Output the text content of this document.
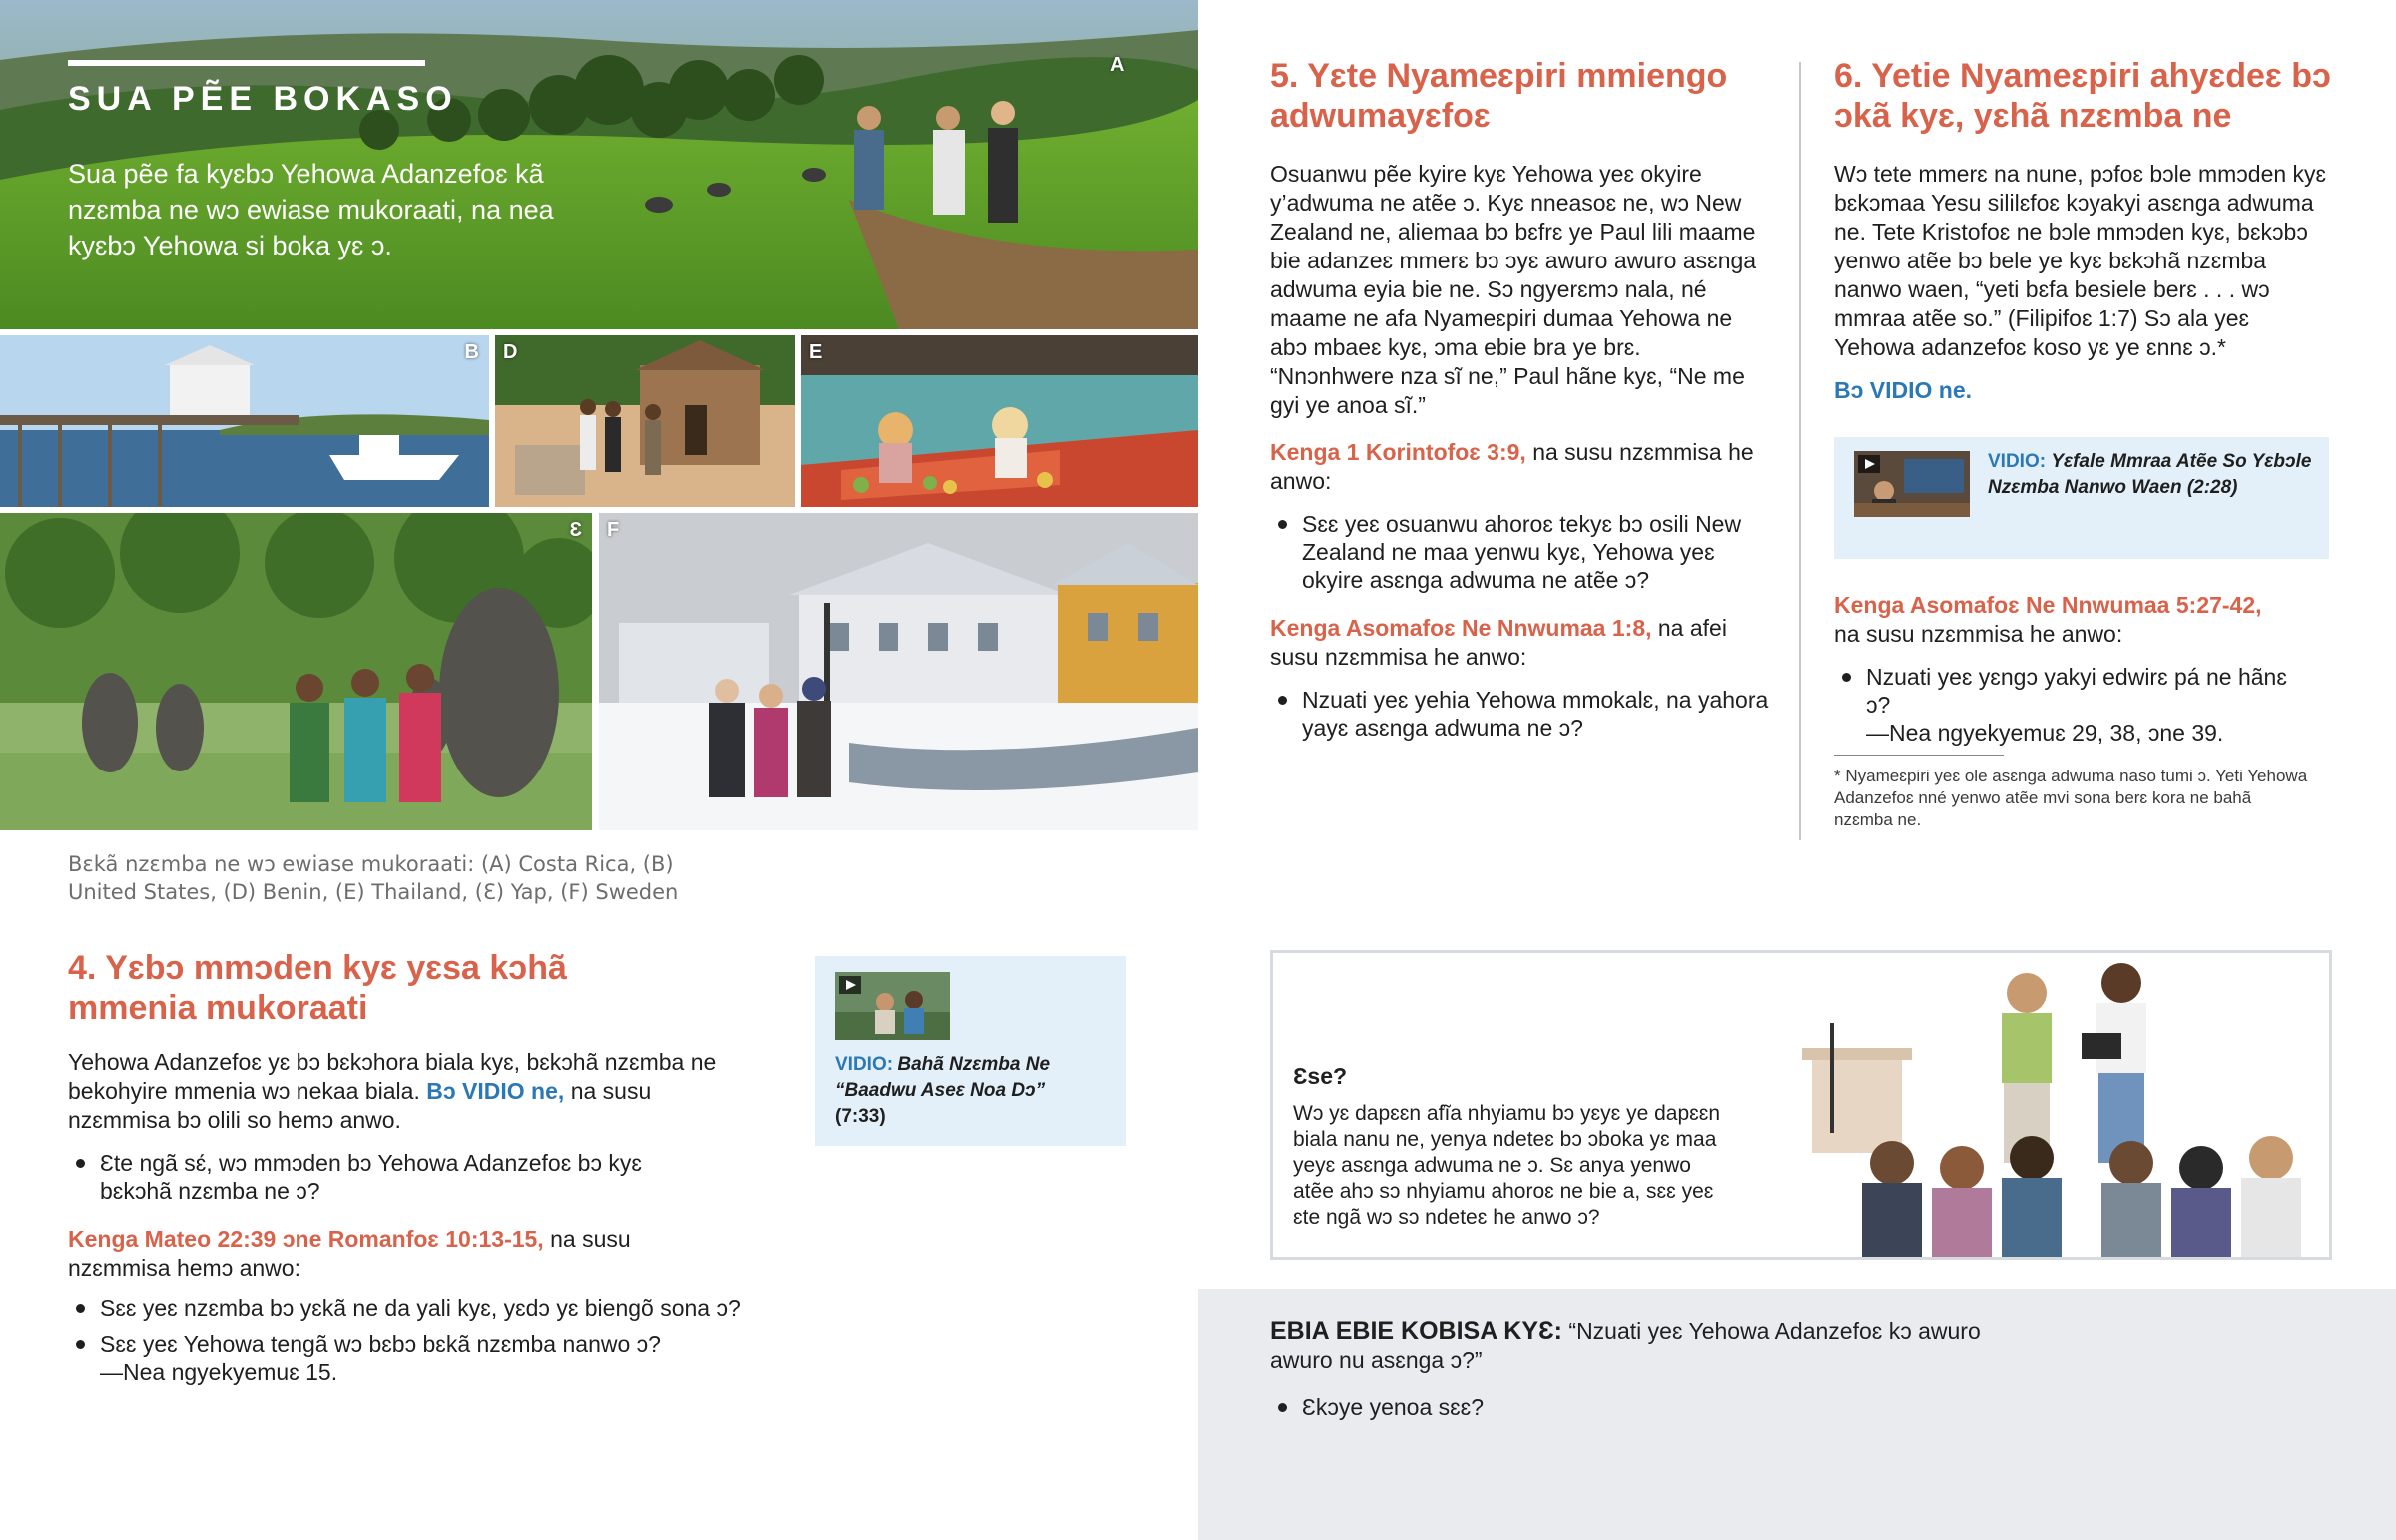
SUA PẼE BOKASO
Sua pẽe fa kyɛbɔ Yehowa Adanzefoɛ kã nzɛmba ne wɔ ewiase mukoraati, na nea kyɛbɔ Yehowa si boka yɛ ɔ.
A
B D	E
Ɛ F
Bɛkã nzɛmba ne wɔ ewiase mukoraati: (A) Costa Rica, (B) United States, (D) Benin, (E) Thailand, (Ɛ) Yap, (F) Sweden
4. Yɛbɔ mmɔden kyɛ yɛsa kɔhã mmenia mukoraati

Yehowa Adanzefoɛ yɛ bɔ bɛkɔhora biala kyɛ, bɛkɔhã nzɛmba ne bekohyire mmenia wɔ nekaa biala. Bɔ VIDIO ne, na susu nzɛmmisa bɔ olili so hemɔ anwo.

Ɛte ngã sɛ́, wɔ mmɔden bɔ Yehowa Adanzefoɛ bɔ kyɛ bɛkɔhã nzɛmba ne ɔ?

Kenga Mateo 22:39 ɔne Romanfoɛ 10:13-15, na susu nzɛmmisa hemɔ anwo:

Sɛɛ yeɛ nzɛmba bɔ yɛkã ne da yali kyɛ, yɛdɔ yɛ biengõ sona ɔ?
Sɛɛ yeɛ Yehowa tengã wɔ bɛbɔ bɛkã nzɛmba nanwo ɔ?
—Nea ngyekyemuɛ 15.
VIDIO: Bahã Nzɛmba Ne “Baadwu Aseɛ Noa Dɔ”
(7:33)
5. Yɛte Nyameɛpiri mmiengo adwumayɛfoɛ

Osuanwu pẽe kyire kyɛ Yehowa yeɛ okyire y’adwuma ne atẽe ɔ. Kyɛ nneasoɛ ne, wɔ New Zealand ne, aliemaa bɔ bɛfrɛ ye Paul lili maame bie adanzeɛ mmerɛ bɔ ɔyɛ awuro awuro asɛnga adwuma eyia bie ne. Sɔ ngyerɛmɔ nala, né maame ne afa Nyameɛpiri dumaa Yehowa ne abɔ mbaeɛ kyɛ, ɔma ebie bra ye brɛ. “Nnɔnhwere nza sĩ ne,” Paul hãne kyɛ, “Ne me gyi ye anoa sĩ.”

Kenga 1 Korintofoɛ 3:9, na susu nzɛmmisa he anwo:

Sɛɛ yeɛ osuanwu ahoroɛ tekyɛ bɔ osili New Zealand ne maa yenwu kyɛ, Yehowa yeɛ okyire asɛnga adwuma ne atẽe ɔ?

Kenga Asomafoɛ Ne Nnwumaa 1:8, na afei susu nzɛmmisa he anwo:

Nzuati yeɛ yehia Yehowa mmokalɛ, na yahora yayɛ asɛnga adwuma ne ɔ?
6. Yetie Nyameɛpiri ahyɛdeɛ bɔ ɔkã kyɛ, yɛhã nzɛmba ne

Wɔ tete mmerɛ na nune, pɔfoɛ bɔle mmɔden kyɛ bɛkɔmaa Yesu sililɛfoɛ kɔyakyi asɛnga adwuma ne. Tete Kristofoɛ ne bɔle mmɔden kyɛ, bɛkɔbɔ yenwo atẽe bɔ bele ye kyɛ bɛkɔhã nzɛmba nanwo waen, “yeti bɛfa besiele berɛ . . . wɔ mmraa atẽe so.” (Filipifoɛ 1:7) Sɔ ala yeɛ Yehowa adanzefoɛ koso yɛ ye ɛnnɛ ɔ.*

Bɔ VIDIO ne.

VIDIO: Yɛfale Mmraa Atẽe So Yɛbɔle Nzɛmba Nanwo Waen (2:28)

Kenga Asomafoɛ Ne Nnwumaa 5:27-42,
na susu nzɛmmisa he anwo:

Nzuati yeɛ yɛngɔ yakyi edwirɛ pá ne hãnɛ ɔ?
—Nea ngyekyemuɛ 29, 38, ɔne 39.

* Nyameɛpiri yeɛ ole asɛnga adwuma naso tumi ɔ. Yeti Yehowa Adanzefoɛ nné yenwo atẽe mvi sona berɛ kora ne bahã nzɛmba ne.

Ɛse?
Wɔ yɛ dapɛɛn afĩa nhyiamu bɔ yɛyɛ ye dapɛɛn biala nanu ne, yenya ndeteɛ bɔ ɔboka yɛ maa yeyɛ asɛnga adwuma ne ɔ. Sɛ anya yenwo atẽe ahɔ sɔ nhyiamu ahoroɛ ne bie a, sɛɛ yeɛ ɛte ngã wɔ sɔ ndeteɛ he anwo ɔ?

EBIA EBIE KOBISA KYƐ: “Nzuati yeɛ Yehowa Adanzefoɛ kɔ awuro awuro nu asɛnga ɔ?”

Ɛkɔye yenoa sɛɛ?
